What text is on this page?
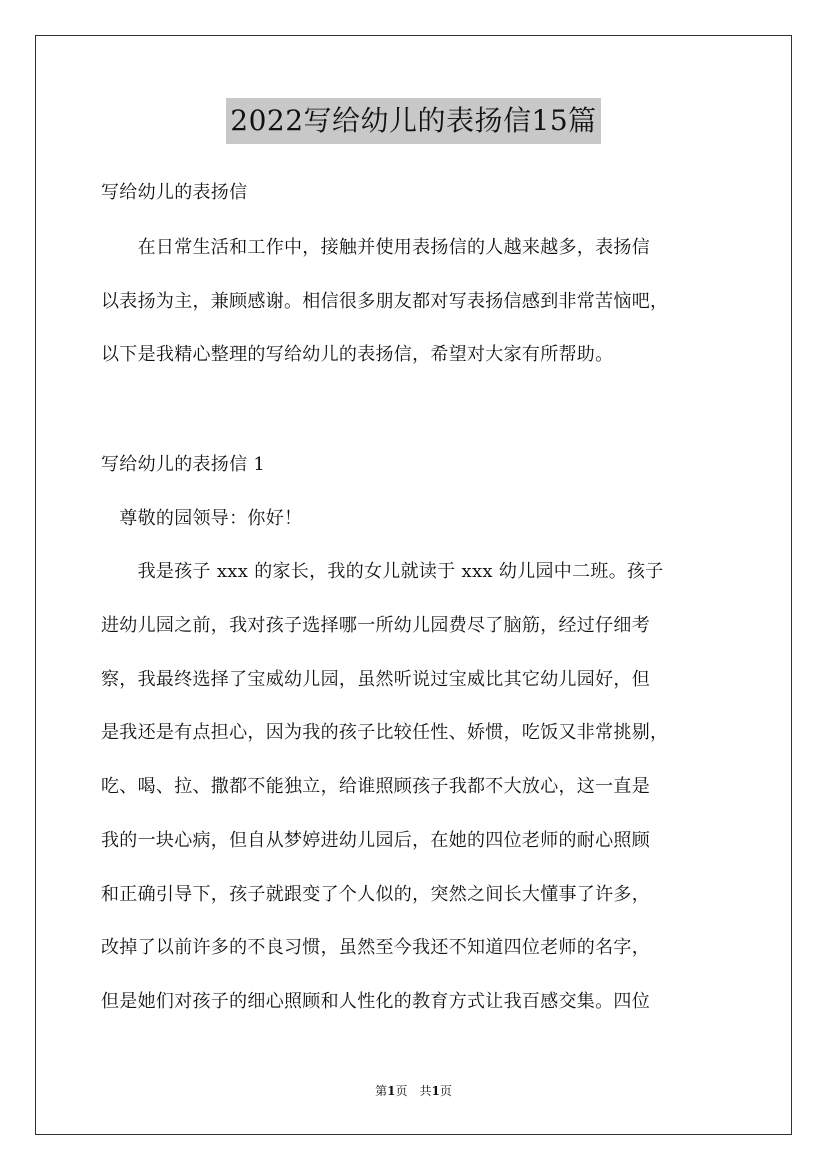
2022写给幼儿的表扬信15篇
写给幼儿的表扬信
　　在日常生活和工作中，接触并使用表扬信的人越来越多，表扬信
以表扬为主，兼顾感谢。相信很多朋友都对写表扬信感到非常苦恼吧，
以下是我精心整理的写给幼儿的表扬信，希望对大家有所帮助。
写给幼儿的表扬信 1
　尊敬的园领导：你好！
　　我是孩子 xxx 的家长，我的女儿就读于 xxx 幼儿园中二班。孩子
进幼儿园之前，我对孩子选择哪一所幼儿园费尽了脑筋，经过仔细考
察，我最终选择了宝威幼儿园，虽然听说过宝威比其它幼儿园好，但
是我还是有点担心，因为我的孩子比较任性、娇惯，吃饭又非常挑剔，
吃、喝、拉、撒都不能独立，给谁照顾孩子我都不大放心，这一直是
我的一块心病，但自从梦婷进幼儿园后，在她的四位老师的耐心照顾
和正确引导下，孩子就跟变了个人似的，突然之间长大懂事了许多，
改掉了以前许多的不良习惯，虽然至今我还不知道四位老师的名字，
但是她们对孩子的细心照顾和人性化的教育方式让我百感交集。四位
第1页　共1页
